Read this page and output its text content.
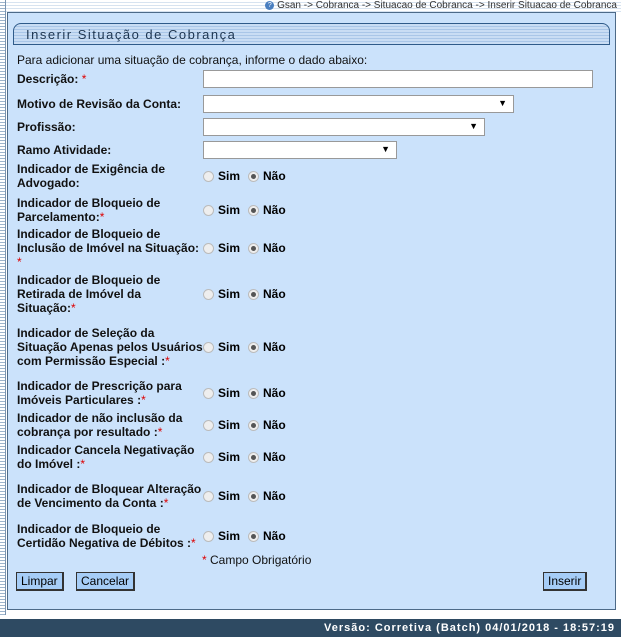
? Gsan -> Cobranca -> Situacao de Cobranca -> Inserir Situacao de Cobranca
Inserir Situação de Cobrança
Para adicionar uma situação de cobrança, informe o dado abaixo:
Descrição: *
Motivo de Revisão da Conta:
▼
Profissão:
▼
Ramo Atividade:
▼
Indicador de Exigência de Advogado:	Sim Não
Indicador de Bloqueio de Parcelamento:*	Sim Não
Indicador de Bloqueio de Inclusão de Imóvel na Situação: *
Sim Não
Indicador de Bloqueio de Retirada de Imóvel da Situação:*
Sim Não
Indicador de Seleção da Situação Apenas pelos Usuários com Permissão Especial :*
Sim Não
Indicador de Prescrição para Imóveis Particulares :*	Sim Não
Indicador de não inclusão da cobrança por resultado :*	Sim Não
Indicador Cancela Negativação do Imóvel :*	Sim Não
Indicador de Bloquear Alteração de Vencimento da Conta :*	Sim Não
Indicador de Bloqueio de Certidão Negativa de Débitos :*	Sim Não
* Campo Obrigatório
Limpar	Cancelar	Inserir
Versão: Corretiva (Batch) 04/01/2018 - 18:57:19
